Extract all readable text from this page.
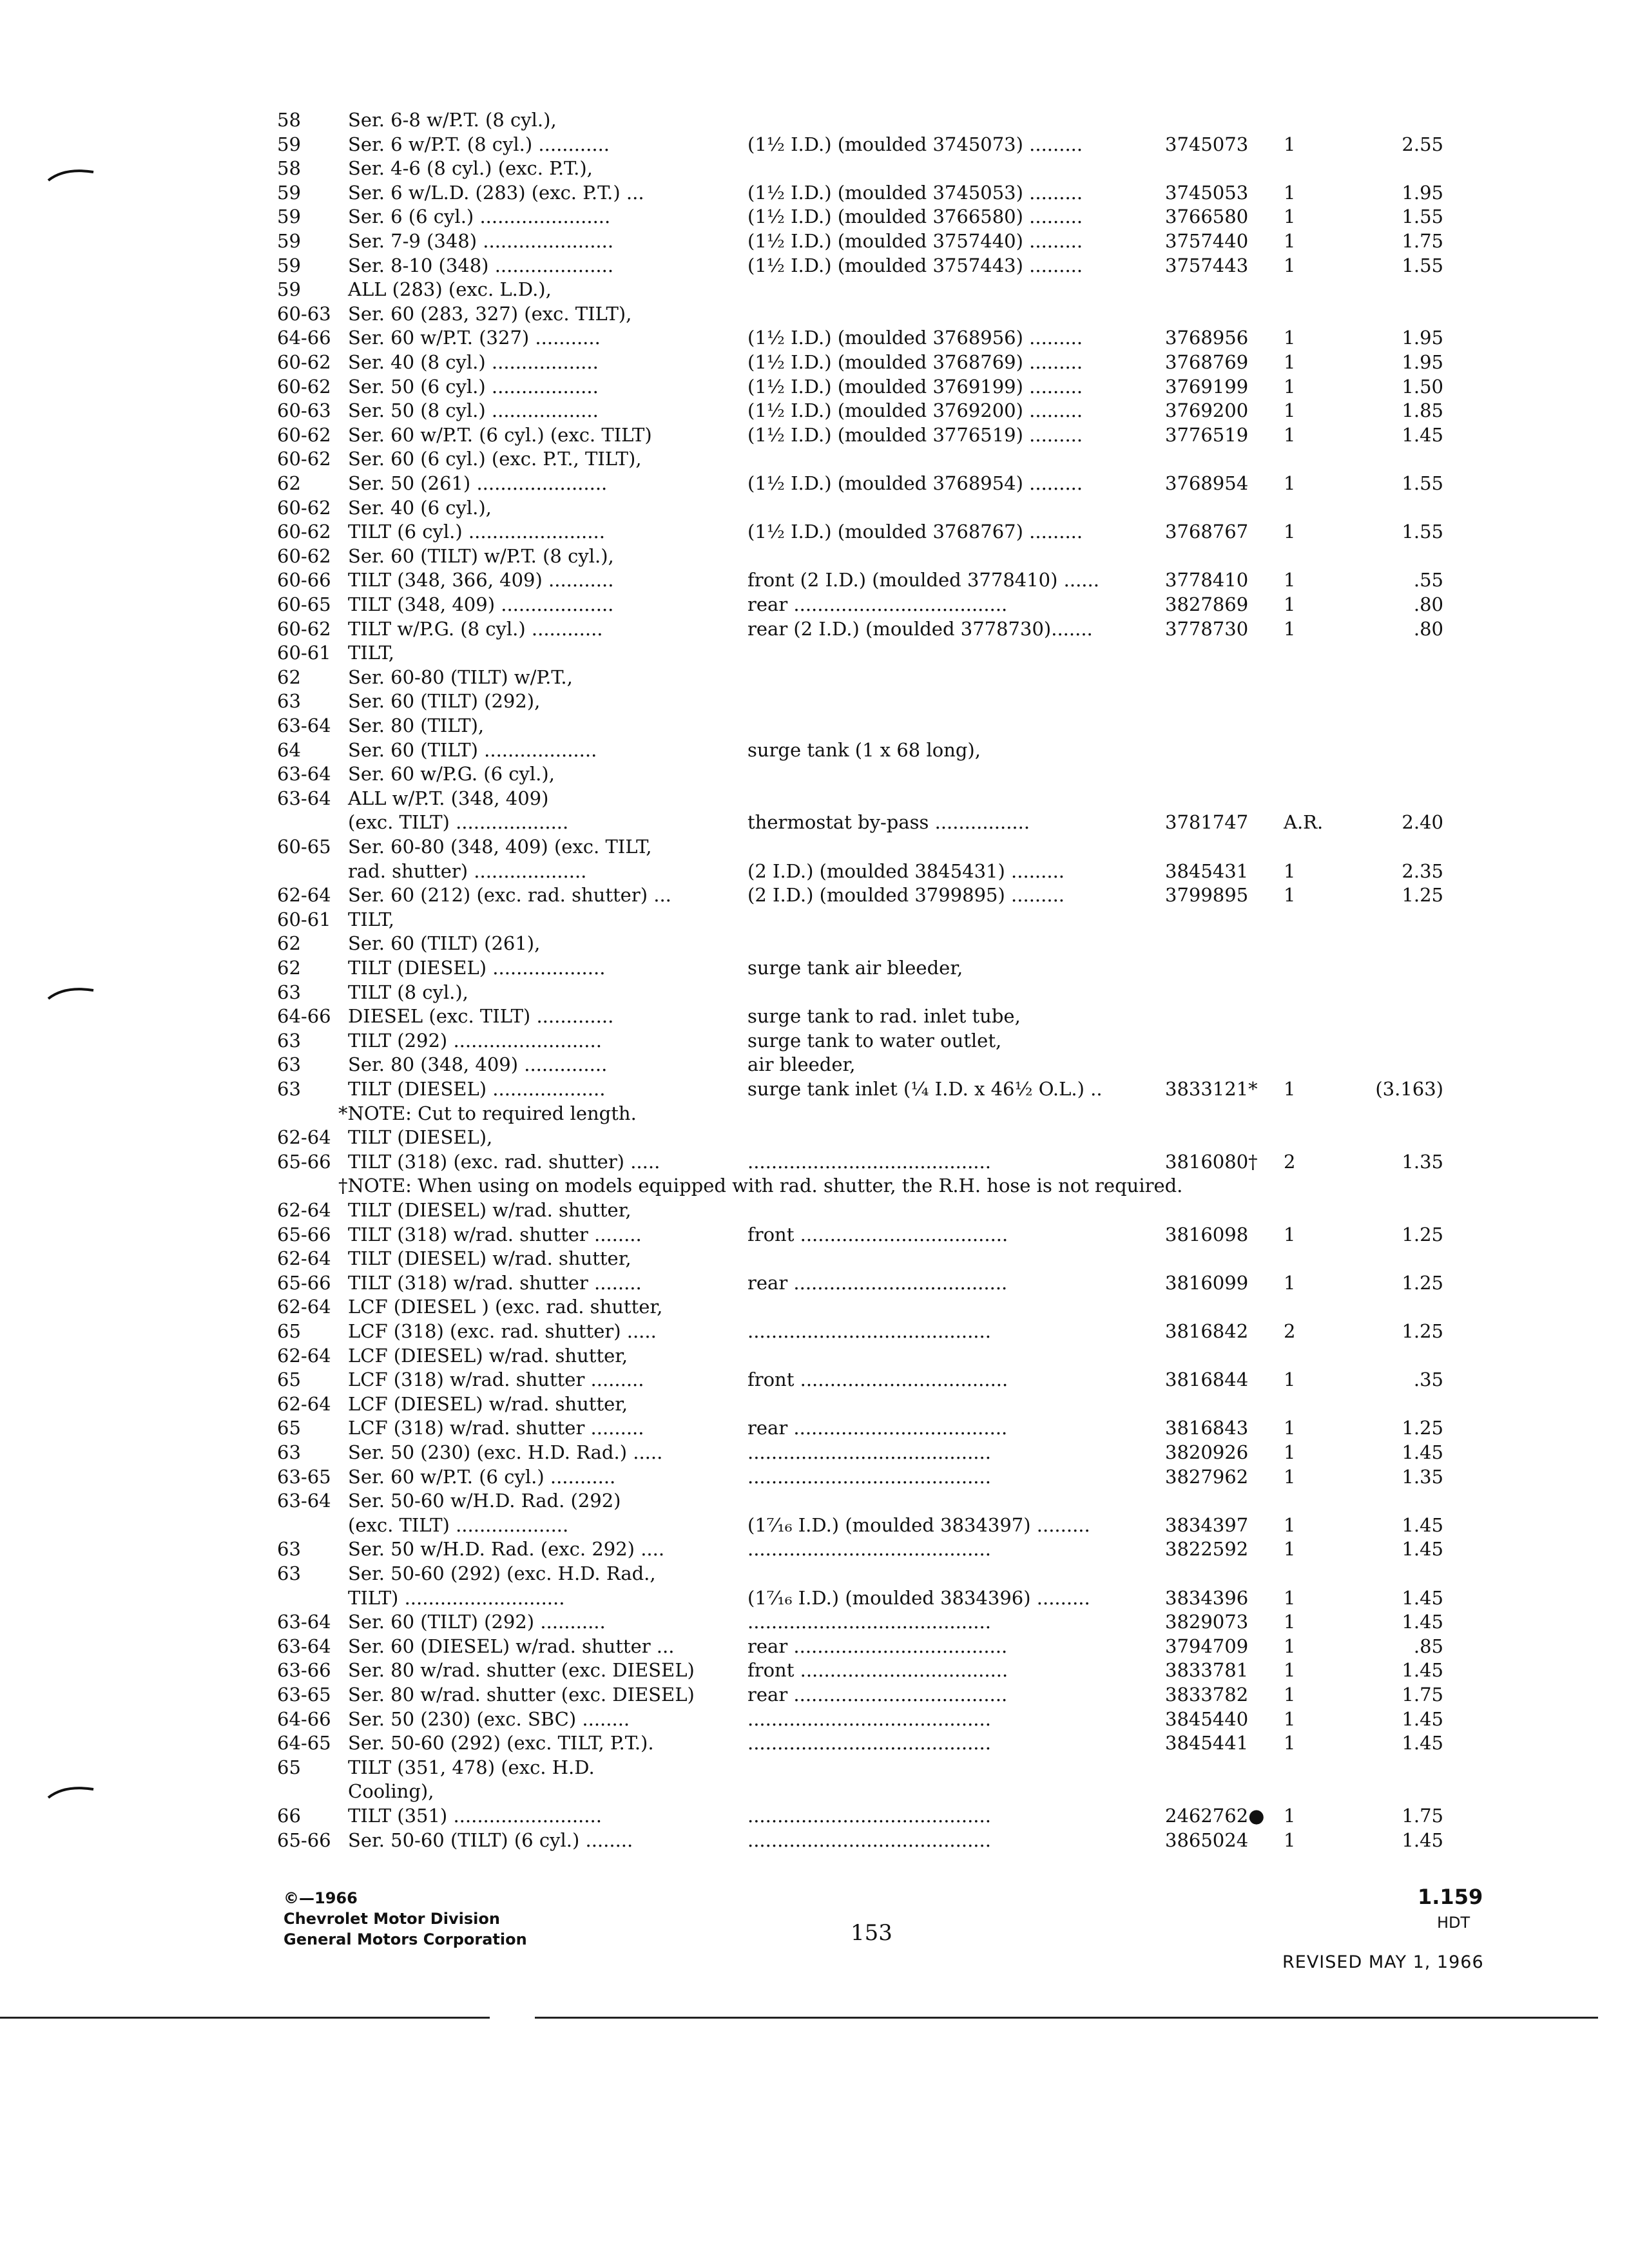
58	Ser. 6-8 w/P.T. (8 cyl.),
59	Ser. 6 w/P.T. (8 cyl.) ............	(1½ I.D.) (moulded 3745073) .........	3745073 1	2.55
58	Ser. 4-6 (8 cyl.) (exc. P.T.),
59	Ser. 6 w/L.D. (283) (exc. P.T.) ...	(1½ I.D.) (moulded 3745053) .........	3745053 1	1.95
59	Ser. 6 (6 cyl.) ......................	(1½ I.D.) (moulded 3766580) .........	3766580 1	1.55
59	Ser. 7-9 (348) ......................	(1½ I.D.) (moulded 3757440) .........	3757440 1	1.75
59	Ser. 8-10 (348) ....................	(1½ I.D.) (moulded 3757443) .........	3757443 1	1.55
59	ALL (283) (exc. L.D.),
60-63 Ser. 60 (283, 327) (exc. TILT),
64-66 Ser. 60 w/P.T. (327) ...........	(1½ I.D.) (moulded 3768956) .........	3768956 1	1.95
60-62 Ser. 40 (8 cyl.) ..................	(1½ I.D.) (moulded 3768769) .........	3768769 1	1.95
60-62 Ser. 50 (6 cyl.) ..................	(1½ I.D.) (moulded 3769199) .........	3769199 1	1.50
60-63 Ser. 50 (8 cyl.) ..................	(1½ I.D.) (moulded 3769200) .........	3769200 1	1.85
60-62 Ser. 60 w/P.T. (6 cyl.) (exc. TILT)	(1½ I.D.) (moulded 3776519) .........	3776519 1	1.45
60-62 Ser. 60 (6 cyl.) (exc. P.T., TILT),
62	Ser. 50 (261) ......................	(1½ I.D.) (moulded 3768954) .........	3768954 1	1.55
60-62 Ser. 40 (6 cyl.),
60-62 TILT (6 cyl.) .......................	(1½ I.D.) (moulded 3768767) .........	3768767 1	1.55
60-62 Ser. 60 (TILT) w/P.T. (8 cyl.),
60-66 TILT (348, 366, 409) ...........	front (2 I.D.) (moulded 3778410) ......	3778410 1	.55
60-65 TILT (348, 409) ...................	rear ....................................	3827869 1	.80
60-62 TILT w/P.G. (8 cyl.) ............	rear (2 I.D.) (moulded 3778730).......	3778730 1	.80
60-61 TILT,
62	Ser. 60-80 (TILT) w/P.T.,
63	Ser. 60 (TILT) (292),
63-64 Ser. 80 (TILT),
64	Ser. 60 (TILT) ...................	surge tank (1 x 68 long),
63-64 Ser. 60 w/P.G. (6 cyl.),
63-64 ALL w/P.T. (348, 409)
(exc. TILT) ...................	thermostat by-pass ................	3781747 A.R.	2.40
60-65 Ser. 60-80 (348, 409) (exc. TILT,
rad. shutter) ...................	(2 I.D.) (moulded 3845431) .........	3845431 1	2.35
62-64 Ser. 60 (212) (exc. rad. shutter) ...	(2 I.D.) (moulded 3799895) .........	3799895 1	1.25
60-61 TILT,
62	Ser. 60 (TILT) (261),
62	TILT (DIESEL) ...................	surge tank air bleeder,
63	TILT (8 cyl.),
64-66 DIESEL (exc. TILT) .............	surge tank to rad. inlet tube,
63	TILT (292) .........................	surge tank to water outlet,
63	Ser. 80 (348, 409) ..............	air bleeder,
63	TILT (DIESEL) ...................	surge tank inlet (¼ I.D. x 46½ O.L.) ..	3833121* 1	(3.163)
*NOTE: Cut to required length.
62-64 TILT (DIESEL),
65-66 TILT (318) (exc. rad. shutter) .....	.........................................	3816080† 2	1.35
†NOTE: When using on models equipped with rad. shutter, the R.H. hose is not required.
62-64 TILT (DIESEL) w/rad. shutter,
65-66 TILT (318) w/rad. shutter ........	front ...................................	3816098 1	1.25
62-64 TILT (DIESEL) w/rad. shutter,
65-66 TILT (318) w/rad. shutter ........	rear ....................................	3816099 1	1.25
62-64 LCF (DIESEL ) (exc. rad. shutter,
65	LCF (318) (exc. rad. shutter) .....	.........................................	3816842 2	1.25
62-64 LCF (DIESEL) w/rad. shutter,
65	LCF (318) w/rad. shutter .........	front ...................................	3816844 1	.35
62-64 LCF (DIESEL) w/rad. shutter,
65	LCF (318) w/rad. shutter .........	rear ....................................	3816843 1	1.25
63	Ser. 50 (230) (exc. H.D. Rad.) .....	.........................................	3820926 1	1.45
63-65 Ser. 60 w/P.T. (6 cyl.) ...........	.........................................	3827962 1	1.35
63-64 Ser. 50-60 w/H.D. Rad. (292)
(exc. TILT) ...................	(1⁷⁄₁₆ I.D.) (moulded 3834397) .........	3834397 1	1.45
63	Ser. 50 w/H.D. Rad. (exc. 292) ....	.........................................	3822592 1	1.45
63	Ser. 50-60 (292) (exc. H.D. Rad.,
TILT) ...........................	(1⁷⁄₁₆ I.D.) (moulded 3834396) .........	3834396 1	1.45
63-64 Ser. 60 (TILT) (292) ...........	.........................................	3829073 1	1.45
63-64 Ser. 60 (DIESEL) w/rad. shutter ...	rear ....................................	3794709 1	.85
63-66 Ser. 80 w/rad. shutter (exc. DIESEL)	front ...................................	3833781 1	1.45
63-65 Ser. 80 w/rad. shutter (exc. DIESEL)	rear ....................................	3833782 1	1.75
64-66 Ser. 50 (230) (exc. SBC) ........	.........................................	3845440 1	1.45
64-65 Ser. 50-60 (292) (exc. TILT, P.T.).	.........................................	3845441 1	1.45
65	TILT (351, 478) (exc. H.D.
Cooling),
66	TILT (351) .........................	.........................................	2462762● 1	1.75
65-66 Ser. 50-60 (TILT) (6 cyl.) ........	.........................................	3865024 1	1.45
©—1966
Chevrolet Motor Division
General Motors Corporation	153
1.159
HDT
REVISED MAY 1, 1966
